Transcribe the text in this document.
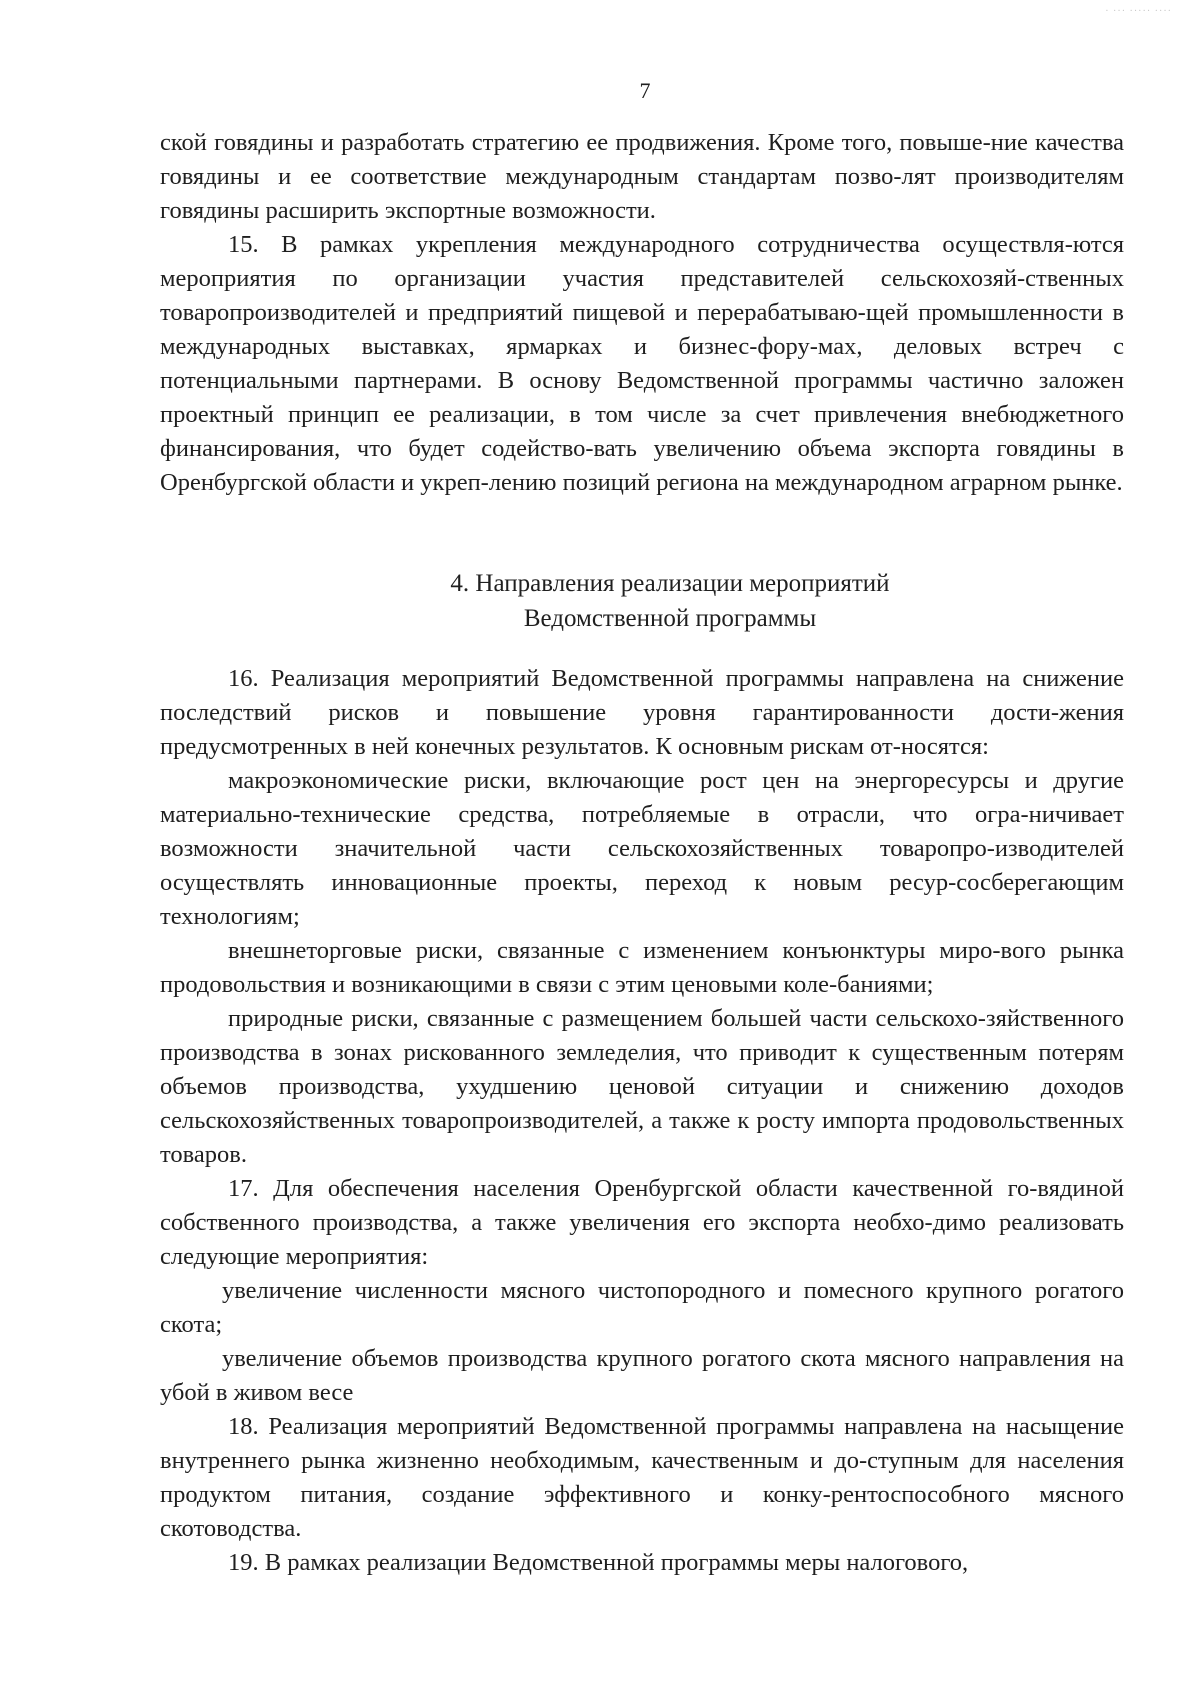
· ··· ····· ····
7

ской говядины и разработать стратегию ее продвижения. Кроме того, повыше-ние качества говядины и ее соответствие международным стандартам позво-лят производителям говядины расширить экспортные возможности.

15. В рамках укрепления международного сотрудничества осуществля-ются мероприятия по организации участия представителей сельскохозяй-ственных товаропроизводителей и предприятий пищевой и перерабатываю-щей промышленности в международных выставках, ярмарках и бизнес-фору-мах, деловых встреч с потенциальными партнерами. В основу Ведомственной программы частично заложен проектный принцип ее реализации, в том числе за счет привлечения внебюджетного финансирования, что будет содейство-вать увеличению объема экспорта говядины в Оренбургской области и укреп-лению позиций региона на международном аграрном рынке.

4. Направления реализации мероприятий
Ведомственной программы

16. Реализация мероприятий Ведомственной программы направлена на снижение последствий рисков и повышение уровня гарантированности дости-жения предусмотренных в ней конечных результатов. К основным рискам от-носятся:

макроэкономические риски, включающие рост цен на энергоресурсы и другие материально-технические средства, потребляемые в отрасли, что огра-ничивает возможности значительной части сельскохозяйственных товаропро-изводителей осуществлять инновационные проекты, переход к новым ресур-сосберегающим технологиям;

внешнеторговые риски, связанные с изменением конъюнктуры миро-вого рынка продовольствия и возникающими в связи с этим ценовыми коле-баниями;

природные риски, связанные с размещением большей части сельскохо-зяйственного производства в зонах рискованного земледелия, что приводит к существенным потерям объемов производства, ухудшению ценовой ситуации и снижению доходов сельскохозяйственных товаропроизводителей, а также к росту импорта продовольственных товаров.

17. Для обеспечения населения Оренбургской области качественной го-вядиной собственного производства, а также увеличения его экспорта необхо-димо реализовать следующие мероприятия:

увеличение численности мясного чистопородного и помесного крупного рогатого скота;

увеличение объемов производства крупного рогатого скота мясного направления на убой в живом весе

18. Реализация мероприятий Ведомственной программы направлена на насыщение внутреннего рынка жизненно необходимым, качественным и до-ступным для населения продуктом питания, создание эффективного и конку-рентоспособного мясного скотоводства.

19. В рамках реализации Ведомственной программы меры налогового,
